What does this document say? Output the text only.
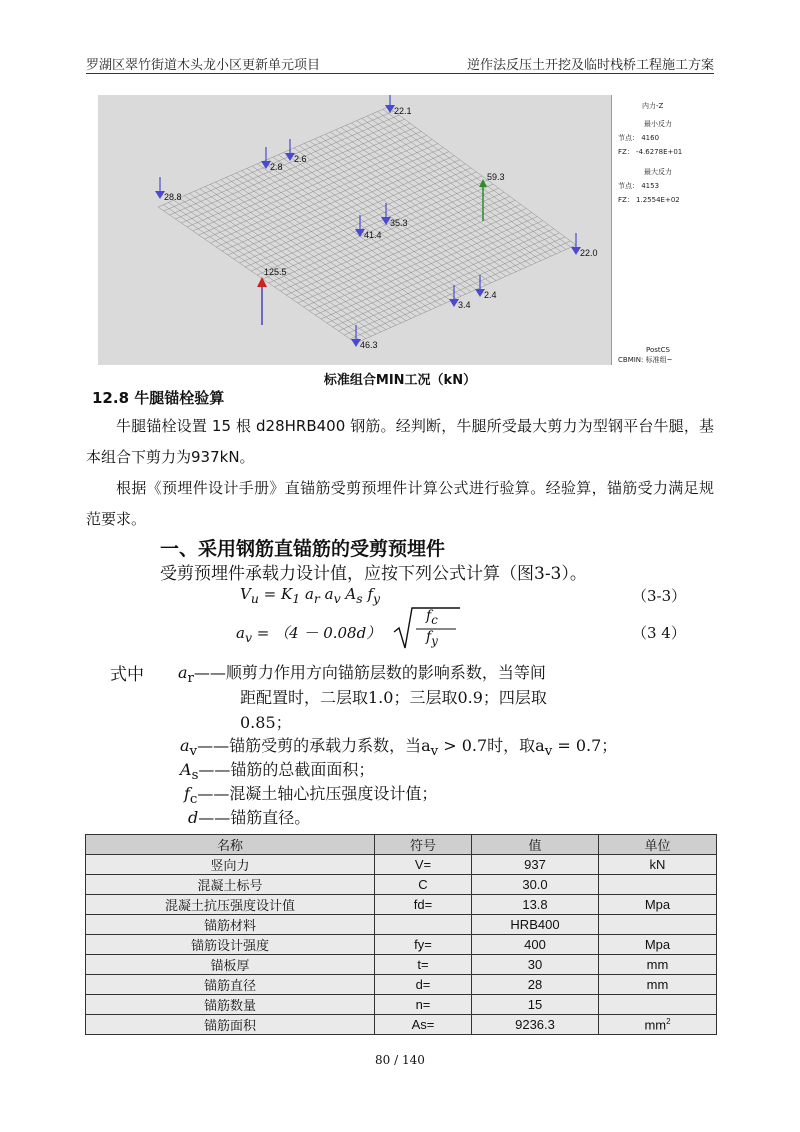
罗湖区翠竹街道木头龙小区更新单元项目	逆作法反压土开挖及临时栈桥工程施工方案
22.1
2.6
2.8
28.8
59.3
35.3
41.4
22.0
125.5
2.4
3.4
46.3
内力-Z
最小反力
节点： 4160
FZ： -4.6278E+01
最大反力
节点： 4153
FZ： 1.2554E+02
PostCS
CBMIN: 标准组~
标准组合MIN工况（kN）
12.8 牛腿锚栓验算
牛腿锚栓设置 15 根 d28HRB400 钢筋。经判断，牛腿所受最大剪力为型钢平台牛腿，基本组合下剪力为937kN。
根据《预埋件设计手册》直锚筋受剪预埋件计算公式进行验算。经验算，锚筋受力满足规范要求。
一、采用钢筋直锚筋的受剪预埋件
受剪预埋件承载力设计值，应按下列公式计算（图3-3）。
$V_u = K_1$ $a_r$ $a_v$ $A_s$ $f_y$	（3-3）
$a_v = (4 - 0.08d)$
$f_c$
$f_y$	（3 4）
式中 $a_r——$顺剪力作用方向锚筋层数的影响系数，当等间
距配置时，二层取1.0；三层取0.9；四层取
0.85；
$a_v——$锚筋受剪的承载力系数，当$a_v > 0.7$时，取$a_v = 0.7$；
$A_s——$锚筋的总截面面积；
$f_c——$混凝土轴心抗压强度设计值；
d——锚筋直径。
名称	符号	值	单位
竖向力	V=	937	kN
混凝土标号	C	30.0	
混凝土抗压强度设计值	fd=	13.8	Mpa
锚筋材料		HRB400	
锚筋设计强度	fy=	400	Mpa
锚板厚	t=	30	mm
锚筋直径	d=	28	mm
锚筋数量	n=	15	
锚筋面积	As=	9236.3	$mm^2$
80 / 140
